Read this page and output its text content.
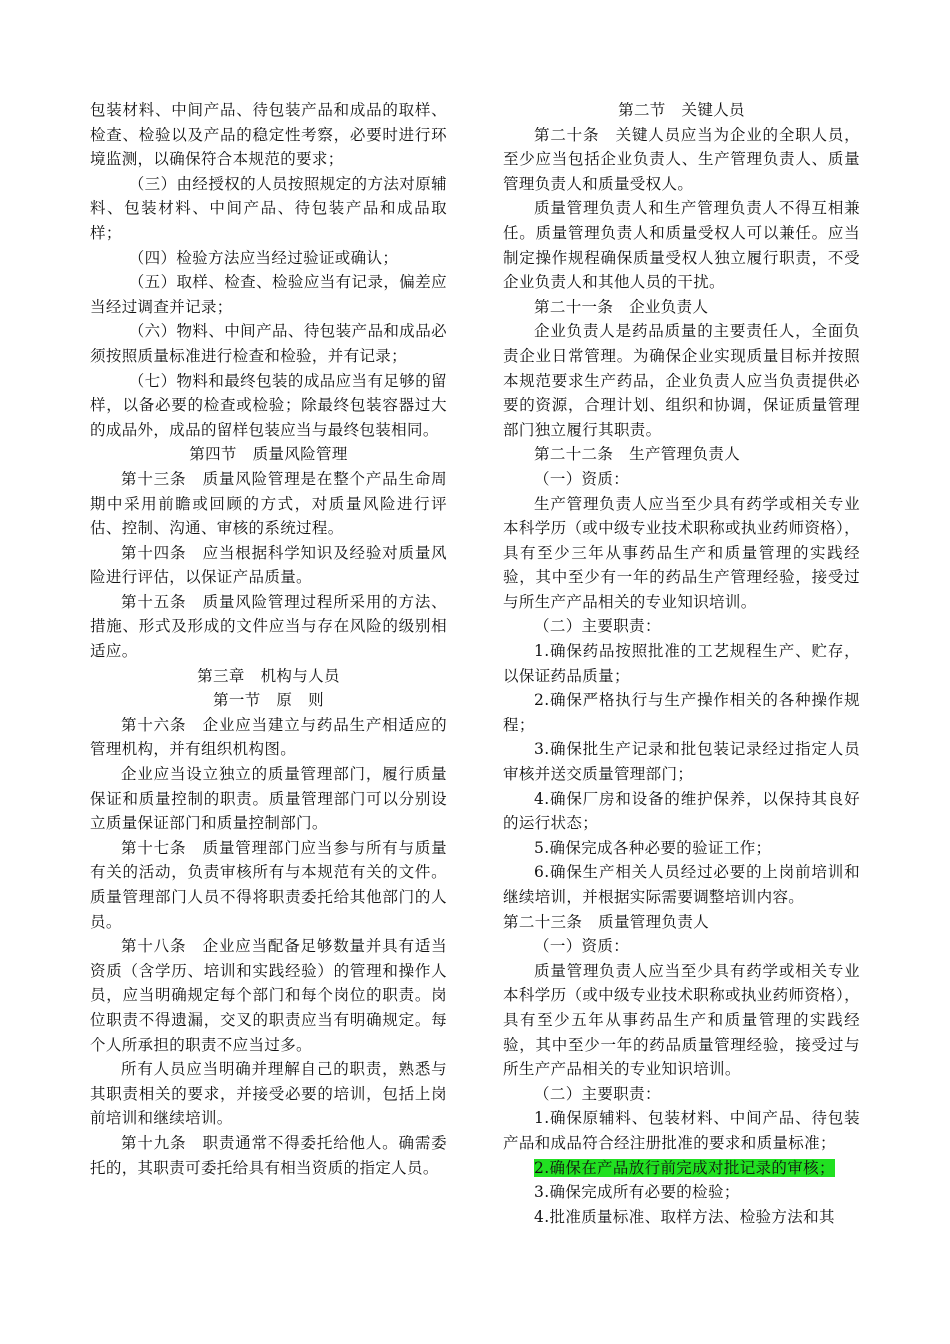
包装材料、中间产品、待包装产品和成品的取样、检查、检验以及产品的稳定性考察，必要时进行环境监测，以确保符合本规范的要求；

（三）由经授权的人员按照规定的方法对原辅料、包装材料、中间产品、待包装产品和成品取样；

（四）检验方法应当经过验证或确认；

（五）取样、检查、检验应当有记录，偏差应当经过调查并记录；

（六）物料、中间产品、待包装产品和成品必须按照质量标准进行检查和检验，并有记录；

（七）物料和最终包装的成品应当有足够的留样，以备必要的检查或检验；除最终包装容器过大的成品外，成品的留样包装应当与最终包装相同。

第四节　质量风险管理

第十三条　质量风险管理是在整个产品生命周期中采用前瞻或回顾的方式，对质量风险进行评估、控制、沟通、审核的系统过程。

第十四条　应当根据科学知识及经验对质量风险进行评估，以保证产品质量。

第十五条　质量风险管理过程所采用的方法、措施、形式及形成的文件应当与存在风险的级别相适应。

第三章　机构与人员

第一节　原　则

第十六条　企业应当建立与药品生产相适应的管理机构，并有组织机构图。

企业应当设立独立的质量管理部门，履行质量保证和质量控制的职责。质量管理部门可以分别设立质量保证部门和质量控制部门。

第十七条　质量管理部门应当参与所有与质量有关的活动，负责审核所有与本规范有关的文件。质量管理部门人员不得将职责委托给其他部门的人员。

第十八条　企业应当配备足够数量并具有适当资质（含学历、培训和实践经验）的管理和操作人员，应当明确规定每个部门和每个岗位的职责。岗位职责不得遗漏，交叉的职责应当有明确规定。每个人所承担的职责不应当过多。

所有人员应当明确并理解自己的职责，熟悉与其职责相关的要求，并接受必要的培训，包括上岗前培训和继续培训。

第十九条　职责通常不得委托给他人。确需委托的，其职责可委托给具有相当资质的指定人员。

第二节　关键人员

第二十条　关键人员应当为企业的全职人员，至少应当包括企业负责人、生产管理负责人、质量管理负责人和质量受权人。

质量管理负责人和生产管理负责人不得互相兼任。质量管理负责人和质量受权人可以兼任。应当制定操作规程确保质量受权人独立履行职责，不受企业负责人和其他人员的干扰。

第二十一条　企业负责人

企业负责人是药品质量的主要责任人，全面负责企业日常管理。为确保企业实现质量目标并按照本规范要求生产药品，企业负责人应当负责提供必要的资源，合理计划、组织和协调，保证质量管理部门独立履行其职责。

第二十二条　生产管理负责人

（一）资质：

生产管理负责人应当至少具有药学或相关专业本科学历（或中级专业技术职称或执业药师资格），具有至少三年从事药品生产和质量管理的实践经验，其中至少有一年的药品生产管理经验，接受过与所生产产品相关的专业知识培训。

（二）主要职责：

1.确保药品按照批准的工艺规程生产、贮存，以保证药品质量；

2.确保严格执行与生产操作相关的各种操作规程；

3.确保批生产记录和批包装记录经过指定人员审核并送交质量管理部门；

4.确保厂房和设备的维护保养，以保持其良好的运行状态；

5.确保完成各种必要的验证工作；

6.确保生产相关人员经过必要的上岗前培训和继续培训，并根据实际需要调整培训内容。

第二十三条　质量管理负责人

（一）资质：

质量管理负责人应当至少具有药学或相关专业本科学历（或中级专业技术职称或执业药师资格），具有至少五年从事药品生产和质量管理的实践经验，其中至少一年的药品质量管理经验，接受过与所生产产品相关的专业知识培训。

（二）主要职责：

1.确保原辅料、包装材料、中间产品、待包装产品和成品符合经注册批准的要求和质量标准；

2.确保在产品放行前完成对批记录的审核；

3.确保完成所有必要的检验；

4.批准质量标准、取样方法、检验方法和其
